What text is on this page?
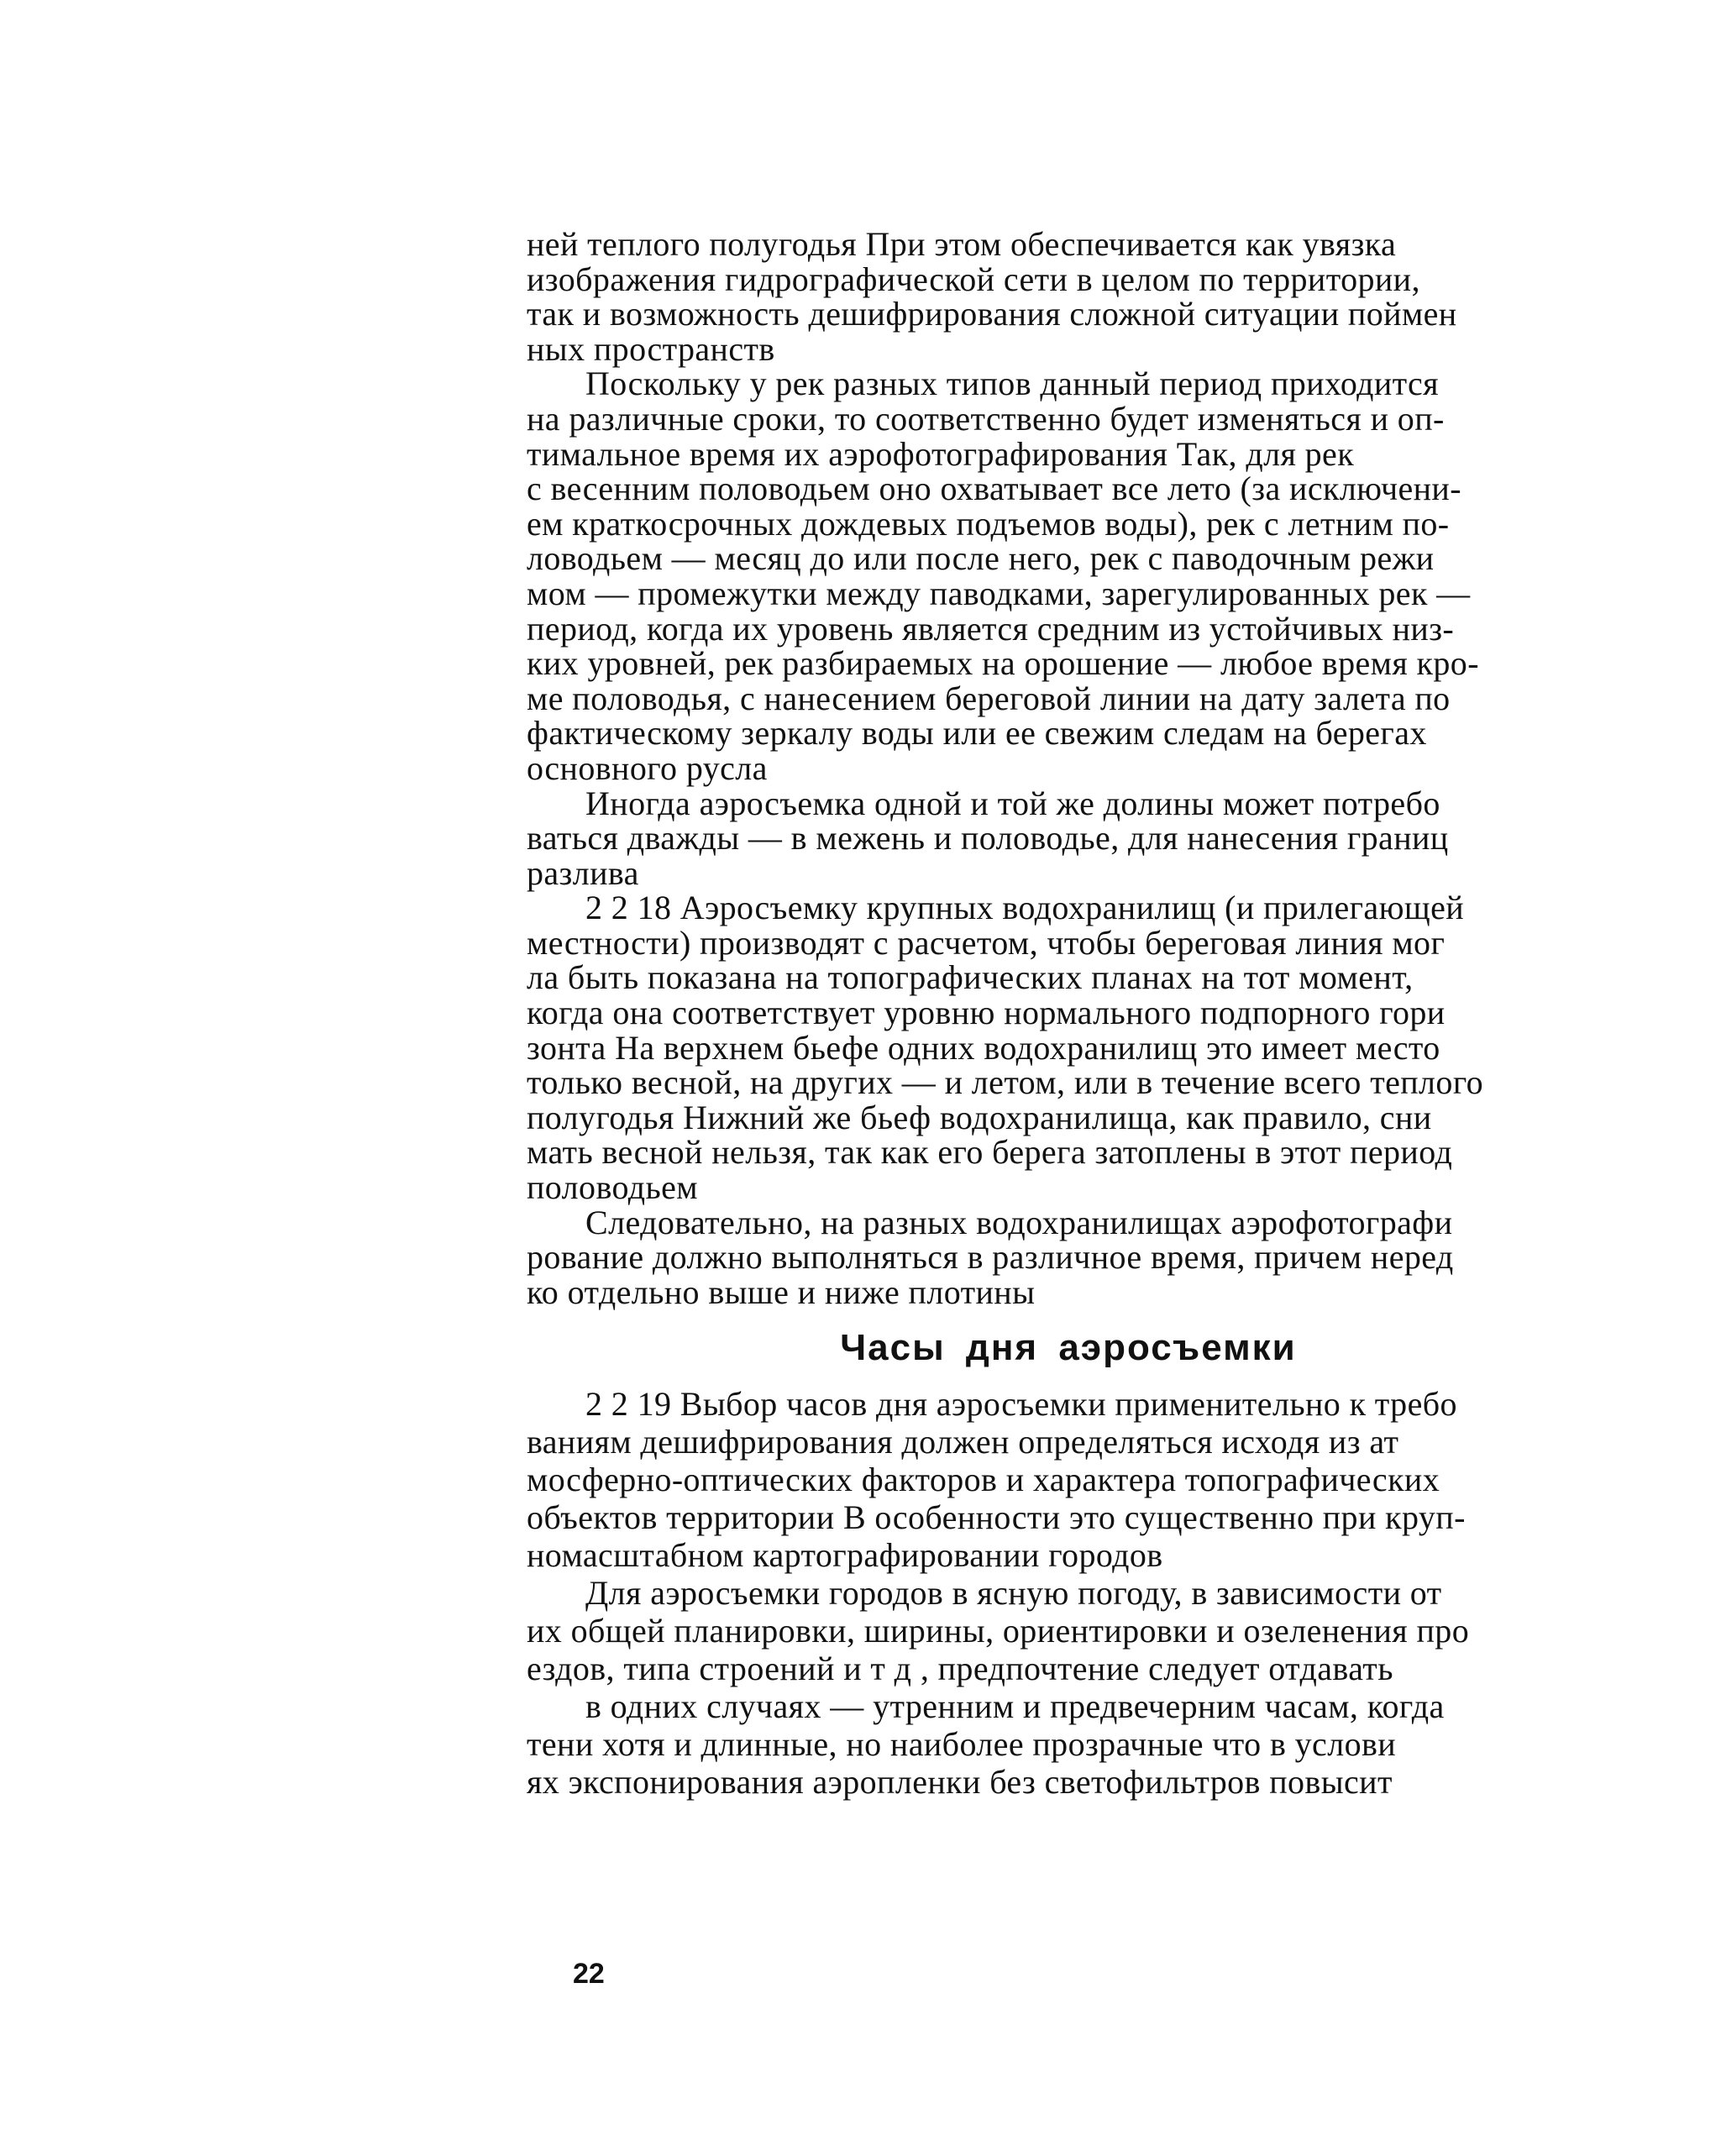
ней теплого полугодья При этом обеспечивается как увязка
изображения гидрографической сети в целом по территории,
так и возможность дешифрирования сложной ситуации поймен
ных пространств

Поскольку у рек разных типов данный период приходится
на различные сроки, то соответственно будет изменяться и оп-
тимальное время их аэрофотографирования Так, для рек
с весенним половодьем оно охватывает все лето (за исключени-
ем краткосрочных дождевых подъемов воды), рек с летним по-
ловодьем — месяц до или после него, рек с паводочным режи
мом — промежутки между паводками, зарегулированных рек —
период, когда их уровень является средним из устойчивых низ-
ких уровней, рек разбираемых на орошение — любое время кро-
ме половодья, с нанесением береговой линии на дату залета по
фактическому зеркалу воды или ее свежим следам на берегах
основного русла

Иногда аэросъемка одной и той же долины может потребо
ваться дважды — в межень и половодье, для нанесения границ
разлива

2 2 18 Аэросъемку крупных водохранилищ (и прилегающей
местности) производят с расчетом, чтобы береговая линия мог
ла быть показана на топографических планах на тот момент,
когда она соответствует уровню нормального подпорного гори
зонта На верхнем бьефе одних водохранилищ это имеет место
только весной, на других — и летом, или в течение всего теплого
полугодья Нижний же бьеф водохранилища, как правило, сни
мать весной нельзя, так как его берега затоплены в этот период
половодьем

Следовательно, на разных водохранилищах аэрофотографи
рование должно выполняться в различное время, причем неред
ко отдельно выше и ниже плотины

Часы дня аэросъемки

2 2 19 Выбор часов дня аэросъемки применительно к требо
ваниям дешифрирования должен определяться исходя из ат
мосферно-оптических факторов и характера топографических
объектов территории В особенности это существенно при круп-
номасштабном картографировании городов

Для аэросъемки городов в ясную погоду, в зависимости от
их общей планировки, ширины, ориентировки и озеленения про
ездов, типа строений и т д , предпочтение следует отдавать

в одних случаях — утренним и предвечерним часам, когда
тени хотя и длинные, но наиболее прозрачные что в услови
ях экспонирования аэропленки без светофильтров повысит

22
